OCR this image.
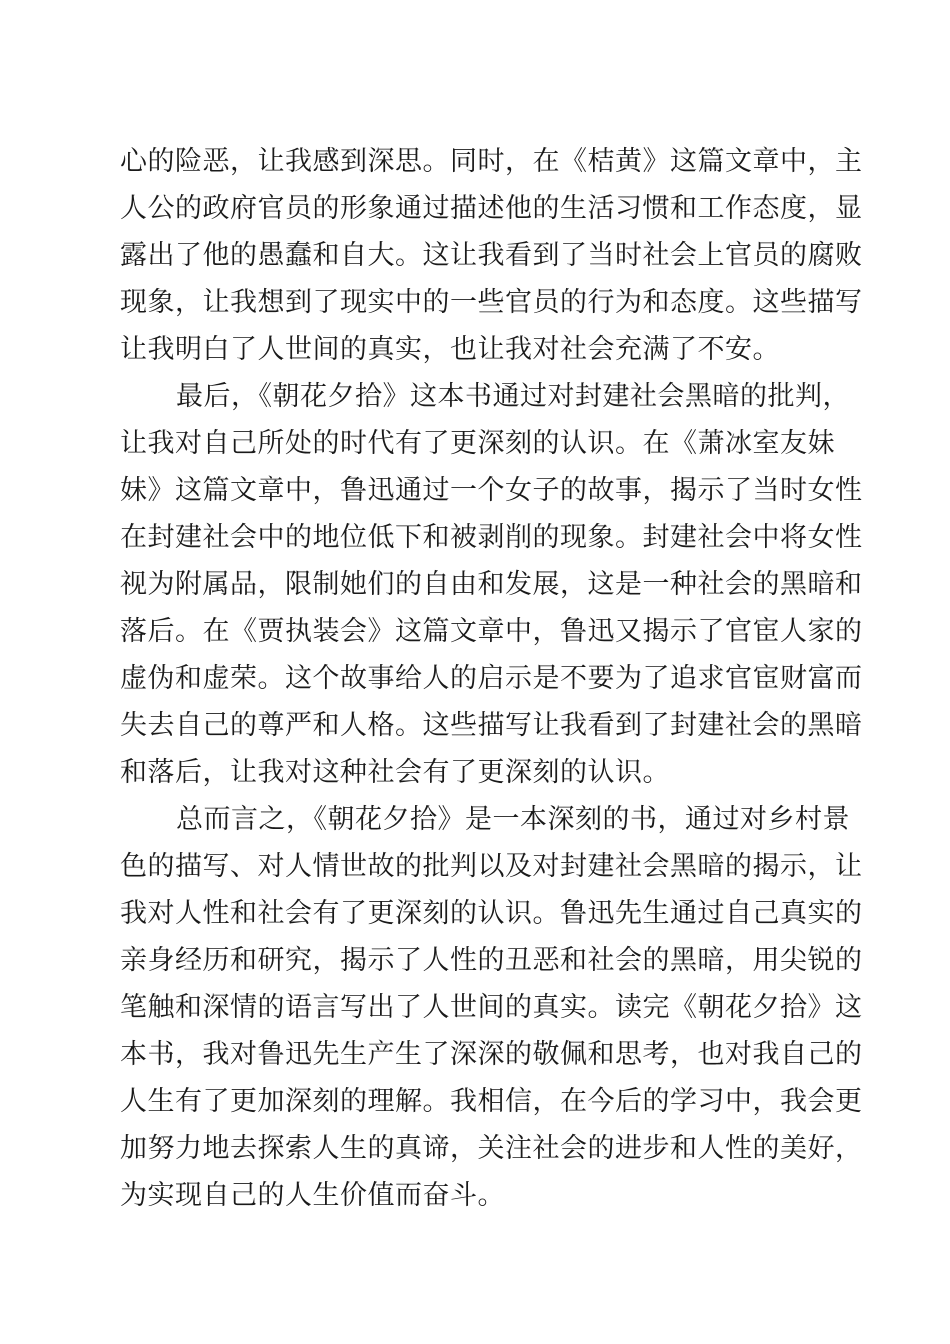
心的险恶，让我感到深思。同时，在《桔黄》这篇文章中，主
人公的政府官员的形象通过描述他的生活习惯和工作态度，显
露出了他的愚蠢和自大。这让我看到了当时社会上官员的腐败
现象，让我想到了现实中的一些官员的行为和态度。这些描写
让我明白了人世间的真实，也让我对社会充满了不安。
最后，《朝花夕拾》这本书通过对封建社会黑暗的批判，
让我对自己所处的时代有了更深刻的认识。在《萧冰室友妹
妹》这篇文章中，鲁迅通过一个女子的故事，揭示了当时女性
在封建社会中的地位低下和被剥削的现象。封建社会中将女性
视为附属品，限制她们的自由和发展，这是一种社会的黑暗和
落后。在《贾执装会》这篇文章中，鲁迅又揭示了官宦人家的
虚伪和虚荣。这个故事给人的启示是不要为了追求官宦财富而
失去自己的尊严和人格。这些描写让我看到了封建社会的黑暗
和落后，让我对这种社会有了更深刻的认识。
总而言之，《朝花夕拾》是一本深刻的书，通过对乡村景
色的描写、对人情世故的批判以及对封建社会黑暗的揭示，让
我对人性和社会有了更深刻的认识。鲁迅先生通过自己真实的
亲身经历和研究，揭示了人性的丑恶和社会的黑暗，用尖锐的
笔触和深情的语言写出了人世间的真实。读完《朝花夕拾》这
本书，我对鲁迅先生产生了深深的敬佩和思考，也对我自己的
人生有了更加深刻的理解。我相信，在今后的学习中，我会更
加努力地去探索人生的真谛，关注社会的进步和人性的美好，
为实现自己的人生价值而奋斗。
